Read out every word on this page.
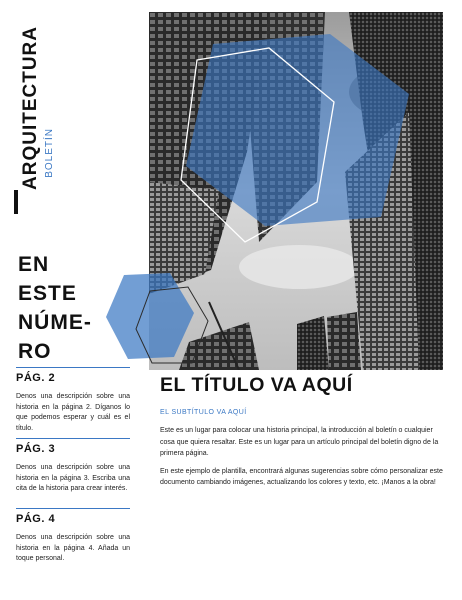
ARQUITECTURA BOLETÍN
EN
ESTE
NÚME-
RO
PÁG. 2
Denos una descripción sobre una historia en la página 2. Díganos lo que podemos esperar y cuál es el título.
PÁG. 3
Denos una descripción sobre una historia en la página 3. Escriba una cita de la historia para crear interés.
PÁG. 4
Denos una descripción sobre una historia en la página 4. Añada un toque personal.
EL TÍTULO VA AQUÍ
EL SUBTÍTULO VA AQUÍ

Este es un lugar para colocar una historia principal, la introducción al boletín o cualquier cosa que quiera resaltar. Este es un lugar para un artículo principal del boletín digno de la primera página.

En este ejemplo de plantilla, encontrará algunas sugerencias sobre cómo personalizar este documento cambiando imágenes, actualizando los colores y texto, etc. ¡Manos a la obra!
